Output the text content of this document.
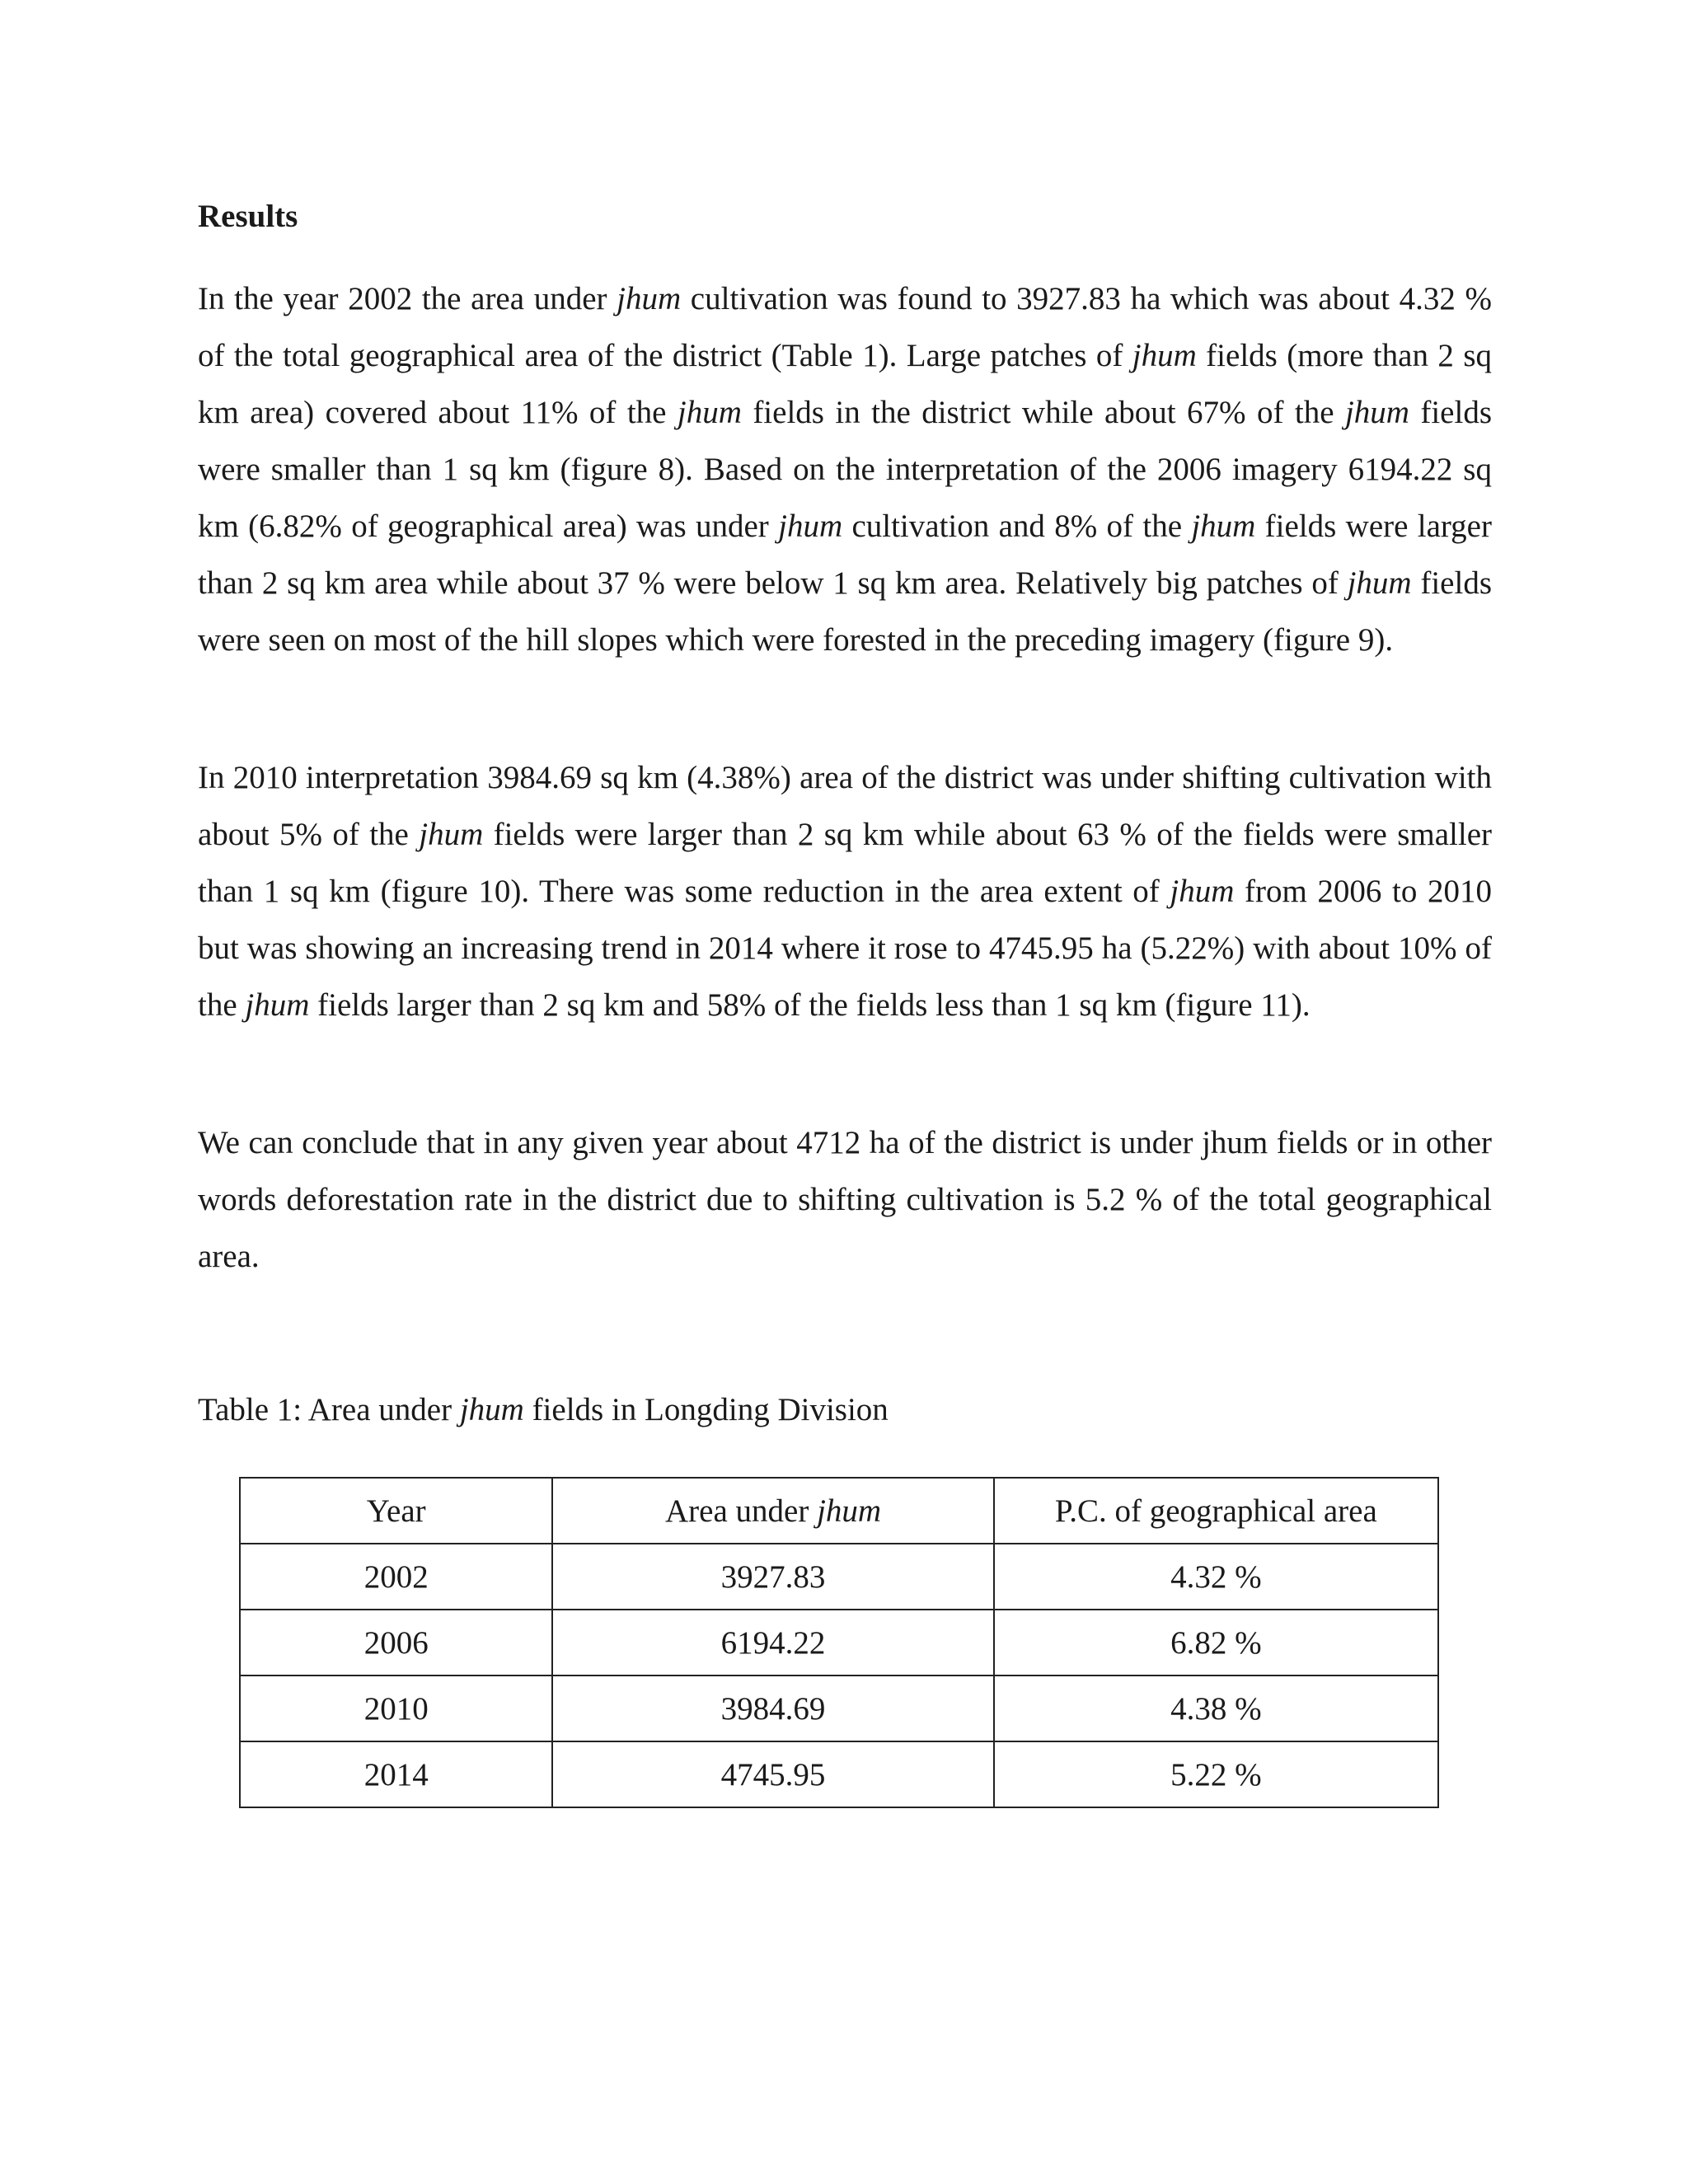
Results

In the year 2002 the area under jhum cultivation was found to 3927.83 ha which was about 4.32 % of the total geographical area of the district (Table 1). Large patches of jhum fields (more than 2 sq km area) covered about 11% of the jhum fields in the district while about 67% of the jhum fields were smaller than 1 sq km (figure 8). Based on the interpretation of the 2006 imagery 6194.22 sq km (6.82% of geographical area) was under jhum cultivation and 8% of the jhum fields were larger than 2 sq km area while about 37 % were below 1 sq km area. Relatively big patches of jhum fields were seen on most of the hill slopes which were forested in the preceding imagery (figure 9).

In 2010 interpretation 3984.69 sq km (4.38%) area of the district was under shifting cultivation with about 5% of the jhum fields were larger than 2 sq km while about 63 % of the fields were smaller than 1 sq km (figure 10). There was some reduction in the area extent of jhum from 2006 to 2010 but was showing an increasing trend in 2014 where it rose to 4745.95 ha (5.22%) with about 10% of the jhum fields larger than 2 sq km and 58% of the fields less than 1 sq km (figure 11).

We can conclude that in any given year about 4712 ha of the district is under jhum fields or in other words deforestation rate in the district due to shifting cultivation is 5.2 % of the total geographical area.

Table 1: Area under jhum fields in Longding Division

Year	Area under jhum	P.C. of geographical area
2002	3927.83	4.32 %
2006	6194.22	6.82 %
2010	3984.69	4.38 %
2014	4745.95	5.22 %
